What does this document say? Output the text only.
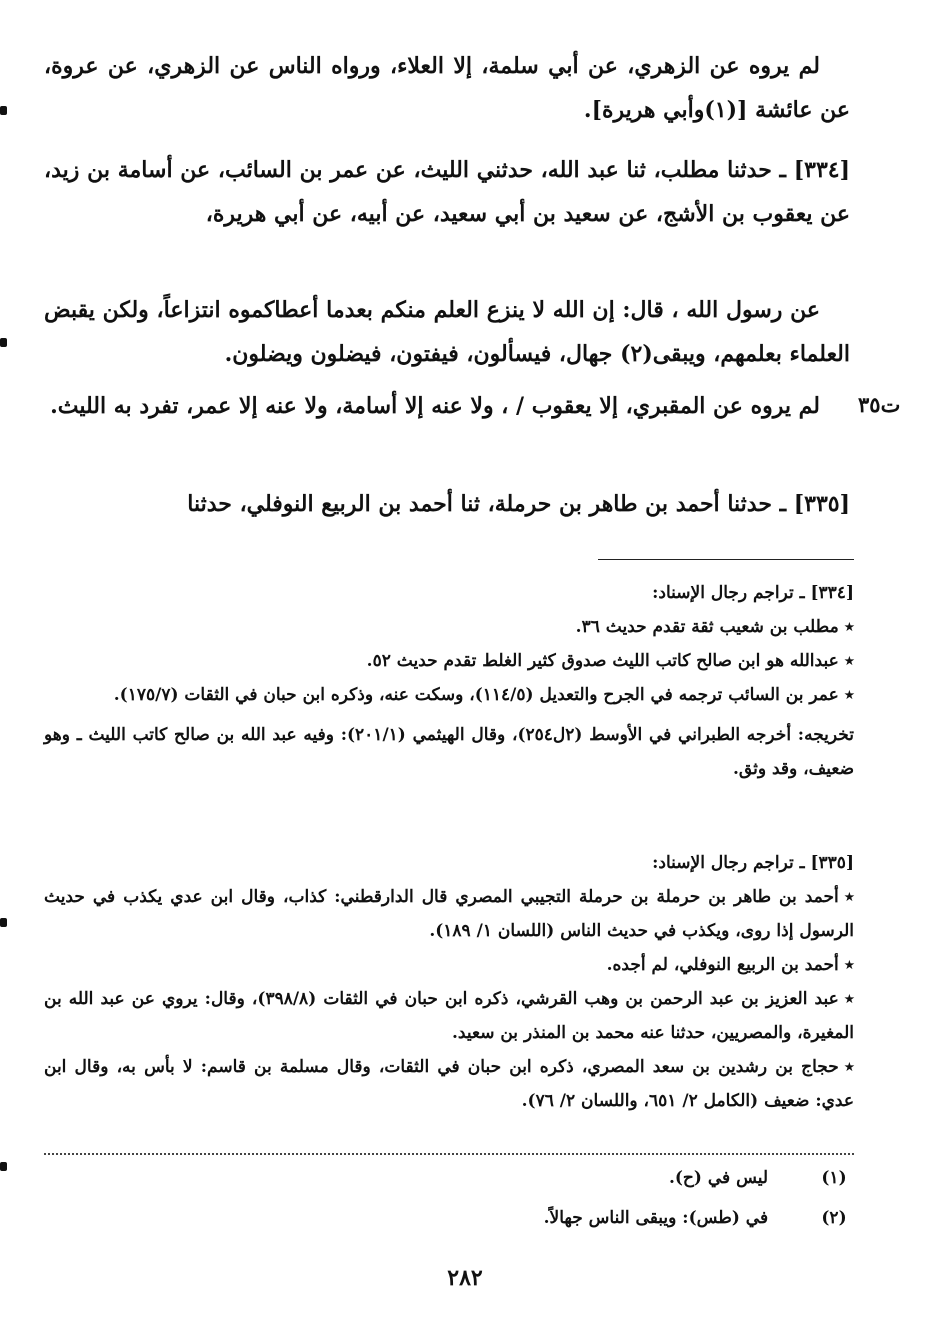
لم يروه عن الزهري، عن أبي سلمة، إلا العلاء، ورواه الناس عن الزهري، عن عروة، عن عائشة [(١)وأبي هريرة].

[٣٣٤] ـ حدثنا مطلب، ثنا عبد الله، حدثني الليث، عن عمر بن السائب، عن أسامة بن زيد، عن يعقوب بن الأشج، عن سعيد بن أبي سعيد، عن أبيه، عن أبي هريرة،

عن رسول الله ، قال: إن الله لا ينزع العلم منكم بعدما أعطاكموه انتزاعاً، ولكن يقبض العلماء بعلمهم، ويبقى(٢) جهال، فيسألون، فيفتون، فيضلون ويضلون.

لم يروه عن المقبري، إلا يعقوب / ، ولا عنه إلا أسامة، ولا عنه إلا عمر، تفرد به الليث.	ت٣٥

[٣٣٥] ـ حدثنا أحمد بن طاهر بن حرملة، ثنا أحمد بن الربيع النوفلي، حدثنا

[٣٣٤] ـ تراجم رجال الإسناد:
٭مطلب بن شعيب ثقة تقدم حديث ٣٦.
٭عبدالله هو ابن صالح كاتب الليث صدوق كثير الغلط تقدم حديث ٥٢.
٭عمر بن السائب ترجمه في الجرح والتعديل (١١٤/٥)، وسكت عنه، وذكره ابن حبان في الثقات (١٧٥/٧).
تخريجه: أخرجه الطبراني في الأوسط (٢ل٢٥٤)، وقال الهيثمي (٢٠١/١): وفيه عبد الله بن صالح كاتب الليث ـ وهو ضعيف، وقد وثق.
[٣٣٥] ـ تراجم رجال الإسناد:
٭أحمد بن طاهر بن حرملة بن حرملة التجيبي المصري قال الدارقطني: كذاب، وقال ابن عدي يكذب في حديث الرسول إذا روى، ويكذب في حديث الناس (اللسان ١/ ١٨٩).
٭أحمد بن الربيع النوفلي، لم أجده.
٭عبد العزيز بن عبد الرحمن بن وهب القرشي، ذكره ابن حبان في الثقات (٣٩٨/٨)، وقال: يروي عن عبد الله بن المغيرة، والمصريين، حدثنا عنه محمد بن المنذر بن سعيد.
٭حجاج بن رشدين بن سعد المصري، ذكره ابن حبان في الثقات، وقال مسلمة بن قاسم: لا بأس به، وقال ابن عدي: ضعيف (الكامل ٢/ ٦٥١، واللسان ٢/ ٧٦).
(١) ليس في (ح).
(٢) في (طس): ويبقى الناس جهالاً.
٢٨٢
